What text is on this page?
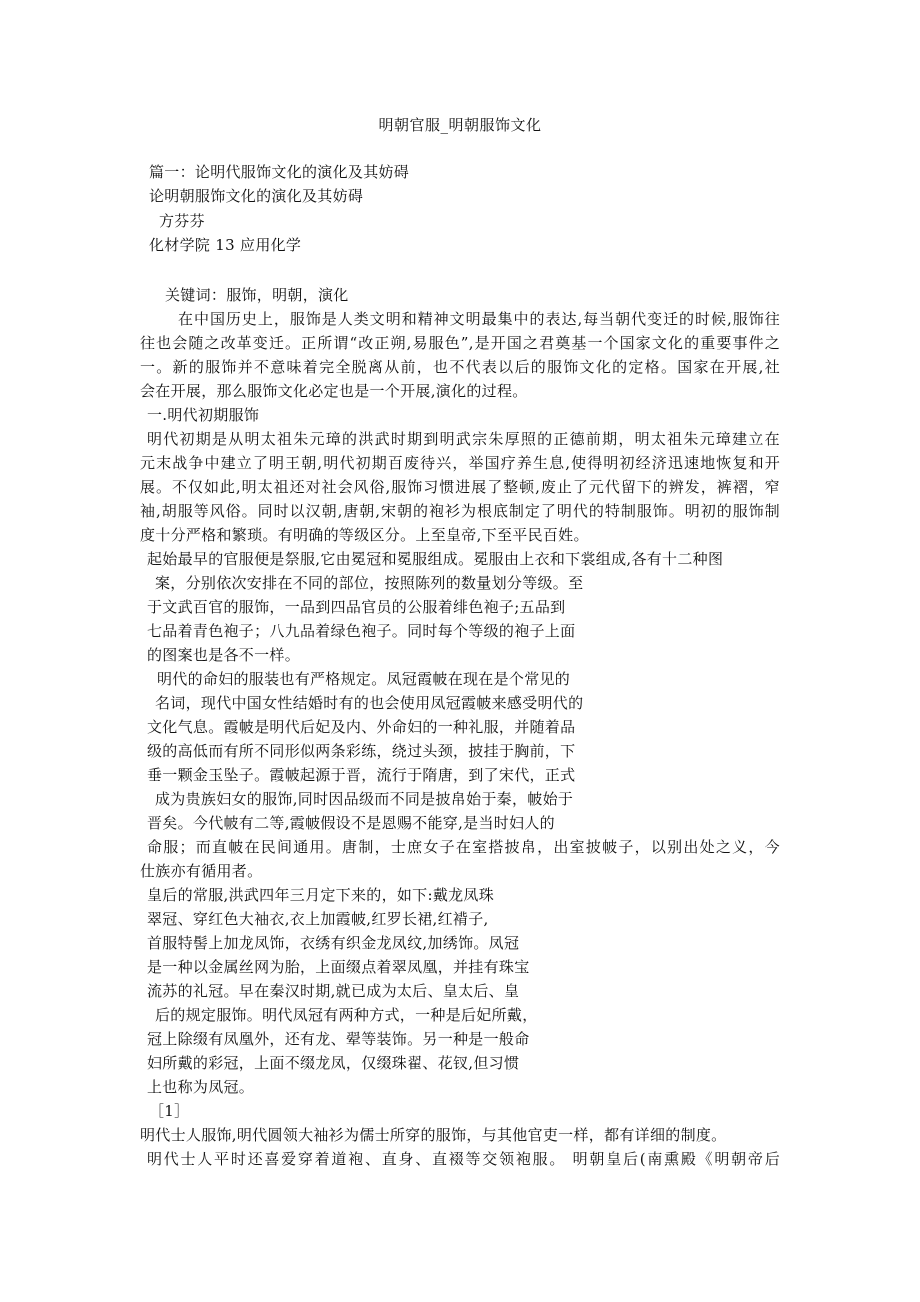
明朝官服_明朝服饰文化
篇一：论明代服饰文化的演化及其妨碍
论明朝服饰文化的演化及其妨碍
方芬芬
化材学院 13 应用化学
关键词：服饰，明朝，演化
在中国历史上，服饰是人类文明和精神文明最集中的表达,每当朝代变迁的时候,服饰往
往也会随之改革变迁。正所谓“改正朔,易服色”,是开国之君奠基一个国家文化的重要事件之
一。新的服饰并不意味着完全脱离从前，也不代表以后的服饰文化的定格。国家在开展,社
会在开展，那么服饰文化必定也是一个开展,演化的过程。
一.明代初期服饰
明代初期是从明太祖朱元璋的洪武时期到明武宗朱厚照的正德前期，明太祖朱元璋建立在
元末战争中建立了明王朝,明代初期百废待兴，举国疗养生息,使得明初经济迅速地恢复和开
展。不仅如此,明太祖还对社会风俗,服饰习惯进展了整顿,废止了元代留下的辨发，裤褶，窄
袖,胡服等风俗。同时以汉朝,唐朝,宋朝的袍衫为根底制定了明代的特制服饰。明初的服饰制
度十分严格和繁琐。有明确的等级区分。上至皇帝,下至平民百姓。
起始最早的官服便是祭服,它由冕冠和冕服组成。冕服由上衣和下裳组成,各有十二种图
案，分别依次安排在不同的部位，按照陈列的数量划分等级。至
于文武百官的服饰，一品到四品官员的公服着绯色袍子;五品到
七品着青色袍子；八九品着绿色袍子。同时每个等级的袍子上面
的图案也是各不一样。
明代的命妇的服装也有严格规定。凤冠霞帔在现在是个常见的
名词，现代中国女性结婚时有的也会使用凤冠霞帔来感受明代的
文化气息。霞帔是明代后妃及内、外命妇的一种礼服，并随着品
级的高低而有所不同形似两条彩练，绕过头颈，披挂于胸前，下
垂一颗金玉坠子。霞帔起源于晋，流行于隋唐，到了宋代，正式
成为贵族妇女的服饰,同时因品级而不同是披帛始于秦，帔始于
晋矣。今代帔有二等,霞帔假设不是恩赐不能穿,是当时妇人的
命服；而直帔在民间通用。唐制，士庶女子在室搭披帛，出室披帔子，以别出处之义，今
仕族亦有循用者。
皇后的常服,洪武四年三月定下来的，如下:戴龙凤珠
翠冠、穿红色大袖衣,衣上加霞帔,红罗长裙,红褙子,
首服特髻上加龙凤饰，衣绣有织金龙凤纹,加绣饰。凤冠
是一种以金属丝网为胎，上面缀点着翠凤凰，并挂有珠宝
流苏的礼冠。早在秦汉时期,就已成为太后、皇太后、皇
后的规定服饰。明代凤冠有两种方式，一种是后妃所戴，
冠上除缀有凤凰外，还有龙、翚等装饰。另一种是一般命
妇所戴的彩冠，上面不缀龙凤，仅缀珠翟、花钗,但习惯
上也称为凤冠。
［1］
明代士人服饰,明代圆领大袖衫为儒士所穿的服饰，与其他官吏一样，都有详细的制度。
明代士人平时还喜爱穿着道袍、直身、直裰等交领袍服。 明朝皇后(南熏殿《明朝帝后
